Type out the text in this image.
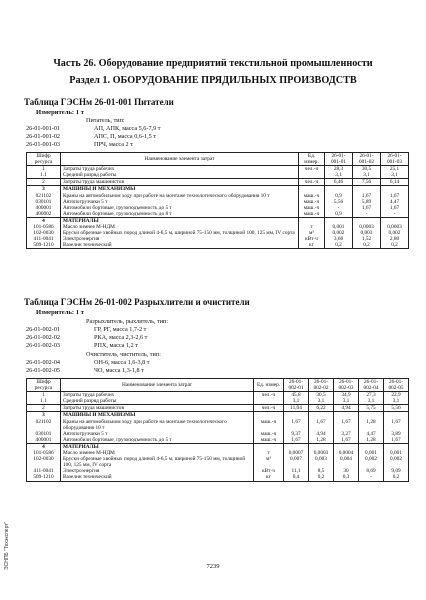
Часть 26. Оборудование предприятий текстильной промышленности
Раздел 1. ОБОРУДОВАНИЕ ПРЯДИЛЬНЫХ ПРОИЗВОДСТВ
Таблица ГЭСНм 26-01-001 Питатели
Измеритель: 1 т
Питатель, тип:
26-01-001-01	АП, АПК, масса 5,6-7,9 т
26-01-001-02	АПС, П, масса 0,6-1,5 т
26-01-001-03	ПРЧ, масса 2 т
Шифр ресурса	Наименование элемента затрат	Ед. измер.	26-01-001-01	26-01-001-02	26-01-001-03
1	Затраты труда рабочих	чел.-ч	28,3	30,5	25,1
1.1	Средний разряд работы		3,1	3,1	3,1
2	Затраты труда машинистов	чел.-ч	6,46	7,56	6,14
3	МАШИНЫ И МЕХАНИЗМЫ				
021102	Краны на автомобильном ходу при работе на монтаже технологического оборудования 10 т	маш.-ч	0,9	1,67	1,67
030101	Автопогрузчики 5 т	маш.-ч	5,56	5,89	4,47
400001	Автомобили бортовые, грузоподъемность до 5 т	маш.-ч	-	1,67	1,67
400002	Автомобили бортовые, грузоподъемность до 8 т	маш.-ч	0,9	-	-
4	МАТЕРИАЛЫ				
101-0586	Масло зимнее М-НДМ	т	0,001	0,0003	0,0003
102-0030	Бруски обрезные хвойных пород длиной 4-6,5 м, шириной 75-150 мм, толщиной 100, 125 мм, IV сорта	м³	0,002	0,003	0,002
411-0041	Электроэнергия	кВт·ч	3,66	1,52	2,80
509-1210	Вазелин технический	кг	0,2	0,2	0,2
Таблица ГЭСНм 26-01-002 Разрыхлители и очистители
Измеритель: 1 т
Разрыхлитель, рыхлитель, тип:
26-01-002-01	ГР, РГ, масса 1,7-2 т
26-01-002-02	РКА, масса 2,3-2,6 т
26-01-002-03	РПХ, масса 1,2 т
Очиститель, чиститель, тип:
26-01-002-04	ОН-6, масса 1,6-3,8 т
26-01-002-05	ЧО, масса 1,3-1,8 т
Шифр ресурса	Наименование элемента затрат	Ед. измер.	26-01-002-01	26-01-002-02	26-01-002-03	26-01-002-04	26-01-002-05
1	Затраты труда рабочих	чел.-ч	45,8	30,5	34,9	27,3	22,9
1.1	Средний разряд работы		3,1	3,1	3,1	3,1	3,1
2	Затраты труда машинистов	чел.-ч	11,04	6,22	4,94	5,75	5,56
3	МАШИНЫ И МЕХАНИЗМЫ						
021102	Краны на автомобильном ходу при работе на монтаже технологического оборудования 10 т	маш.-ч	1,67	1,67	1,67	1,28	1,67
030101	Автопогрузчики 5 т	маш.-ч	9,37	4,94	3,27	4,47	3,89
400001	Автомобили бортовые, грузоподъемность до 5 т	маш.-ч	1,67	1,28	1,67	1,28	1,67
4	МАТЕРИАЛЫ						
101-0586	Масло зимнее М-НДМ	т	0,0007	0,0003	0,0004	0,001	0,001
102-0030	Бруски обрезные хвойных пород длиной 4-6,5 м, шириной 75-150 мм, толщиной 100, 125 мм, IV сорта	м³	0,007	0,003	0,004	0,002	0,002
411-0041	Электроэнергия	кВт·ч	11,1	8,5	30	8,69	9,09
509-1210	Вазелин технический	кг	0,4	0,2	0,3	-	0,2
7239
ЭСНПБ "Техэксперт"
